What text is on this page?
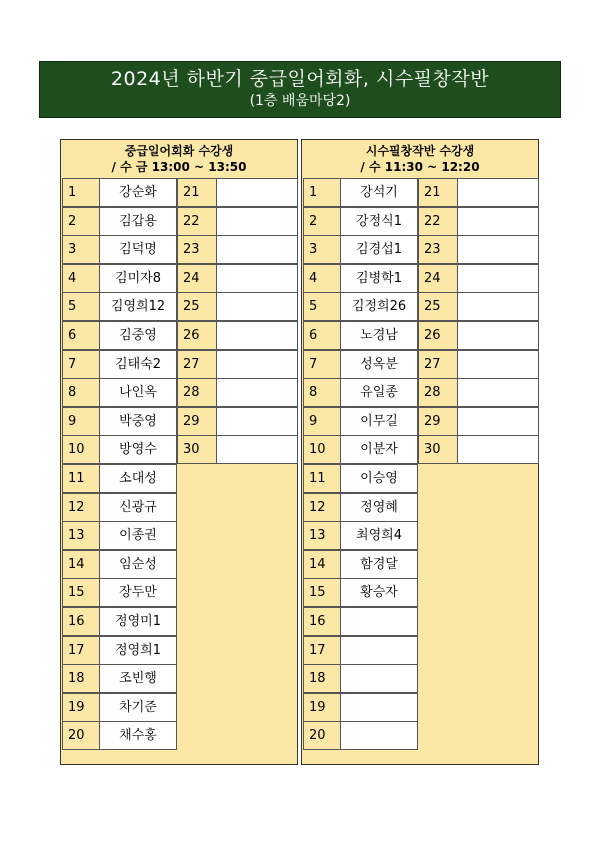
2024년 하반기 중급일어회화, 시수필창작반
(1층 배움마당2)
중급일어회화 수강생
/ 수 금 13:00 ~ 13:50
1	강순화	21
2	김갑용	22
3	김덕명	23
4	김미자8	24
5	김영희12	25
6	김중영	26
7	김태숙2	27
8	나인옥	28
9	박중영	29
10	방영수	30
11	소대성
12	신광규
13	이종권
14	임순성
15	장두만
16	정영미1
17	정영희1
18	조빈행
19	차기준
20	채수홍
시수필창작반 수강생
/ 수 11:30 ~ 12:20
1	강석기	21
2	강정식1	22
3	김경섭1	23
4	김병학1	24
5	김정희26	25
6	노경남	26
7	성옥분	27
8	유일종	28
9	이무길	29
10	이분자	30
11	이승영
12	정영혜
13	최영희4
14	함경달
15	황승자
16
17
18
19
20
